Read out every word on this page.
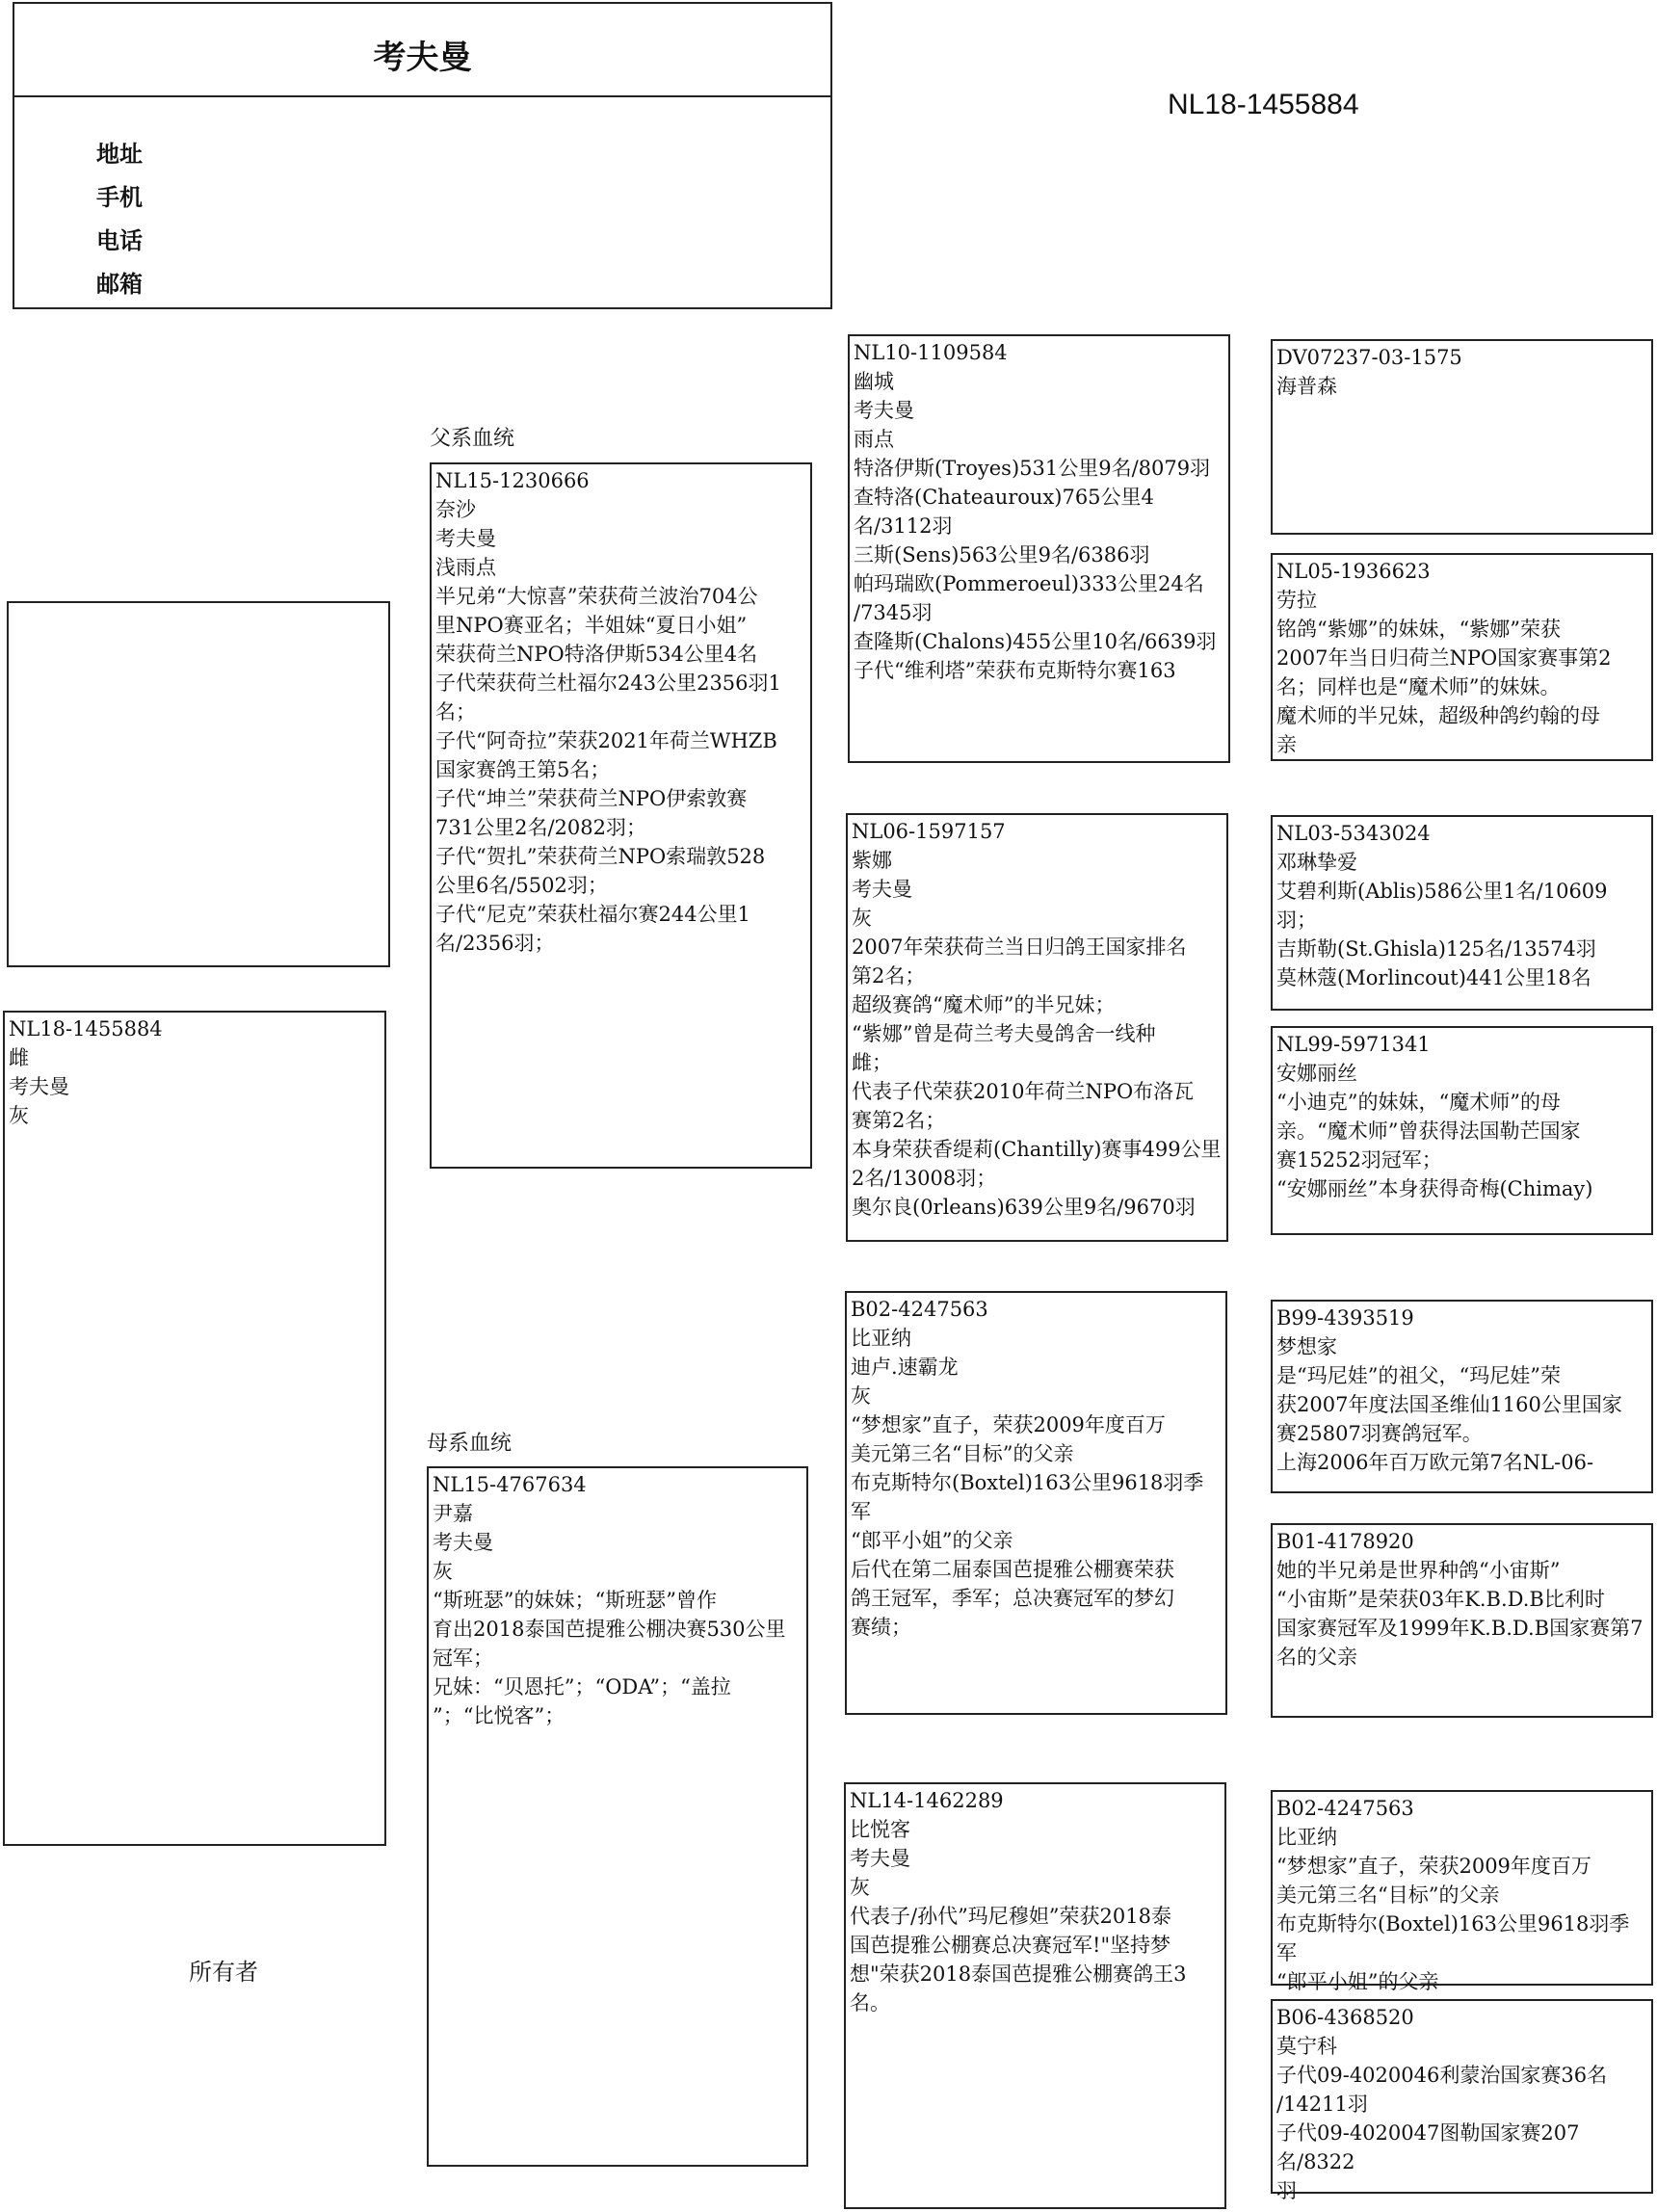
考夫曼
地址
手机
电话
邮箱
NL18-1455884
NL18-1455884
雌
考夫曼
灰
父系血统
母系血统
NL15-1230666
奈沙
考夫曼
浅雨点
半兄弟“大惊喜”荣获荷兰波治704公
里NPO赛亚名；半姐妹“夏日小姐”
荣获荷兰NPO特洛伊斯534公里4名
子代荣获荷兰杜福尔243公里2356羽1
名；
子代“阿奇拉”荣获2021年荷兰WHZB
国家赛鸽王第5名；
子代“坤兰”荣获荷兰NPO伊索敦赛
731公里2名/2082羽；
子代“贺扎”荣获荷兰NPO索瑞敦528
公里6名/5502羽；
子代“尼克”荣获杜福尔赛244公里1
名/2356羽；
NL15-4767634
尹嘉
考夫曼
灰
“斯班瑟”的妹妹；“斯班瑟”曾作
育出2018泰国芭提雅公棚决赛530公里
冠军；
兄妹：“贝恩托”；“ODA”；“盖拉
”；“比悦客”；
NL10-1109584
幽城
考夫曼
雨点
特洛伊斯(Troyes)531公里9名/8079羽
查特洛(Chateauroux)765公里4名/3112羽
三斯(Sens)563公里9名/6386羽
帕玛瑞欧(Pommeroeul)333公里24名
/7345羽
查隆斯(Chalons)455公里10名/6639羽
子代“维利塔”荣获布克斯特尔赛163
NL06-1597157
紫娜
考夫曼
灰
2007年荣获荷兰当日归鸽王国家排名
第2名；
超级赛鸽“魔术师”的半兄妹；
“紫娜”曾是荷兰考夫曼鸽舍一线种
雌；
代表子代荣获2010年荷兰NPO布洛瓦
赛第2名；
本身荣获香缇莉(Chantilly)赛事499公里
2名/13008羽；
奥尔良(0rleans)639公里9名/9670羽
B02-4247563
比亚纳
迪卢.速霸龙
灰
“梦想家”直子，荣获2009年度百万
美元第三名“目标”的父亲
布克斯特尔(Boxtel)163公里9618羽季军
“郎平小姐”的父亲
后代在第二届泰国芭提雅公棚赛荣获
鸽王冠军，季军；总决赛冠军的梦幻
赛绩；
NL14-1462289
比悦客
考夫曼
灰
代表子/孙代”玛尼穆妲”荣获2018泰
国芭提雅公棚赛总决赛冠军!"坚持梦
想"荣获2018泰国芭提雅公棚赛鸽王3
名。
DV07237-03-1575
海普森
NL05-1936623
劳拉
铭鸽“紫娜”的妹妹，“紫娜”荣获
2007年当日归荷兰NPO国家赛事第2
名；同样也是“魔术师”的妹妹。
魔术师的半兄妹，超级种鸽约翰的母
亲
NL03-5343024
邓琳挚爱
艾碧利斯(Ablis)586公里1名/10609羽；
吉斯勒(St.Ghisla)125名/13574羽
莫林蔻(Morlincout)441公里18名
NL99-5971341
安娜丽丝
“小迪克”的妹妹，“魔术师”的母
亲。“魔术师”曾获得法国勒芒国家
赛15252羽冠军；
“安娜丽丝”本身获得奇梅(Chimay)
B99-4393519
梦想家
是“玛尼娃”的祖父，“玛尼娃”荣
获2007年度法国圣维仙1160公里国家
赛25807羽赛鸽冠军。
上海2006年百万欧元第7名NL-06-
B01-4178920
她的半兄弟是世界种鸽“小宙斯”
“小宙斯”是荣获03年K.B.D.B比利时
国家赛冠军及1999年K.B.D.B国家赛第7
名的父亲
B02-4247563
比亚纳
“梦想家”直子，荣获2009年度百万
美元第三名“目标”的父亲
布克斯特尔(Boxtel)163公里9618羽季军
“郎平小姐”的父亲
B06-4368520
莫宁科
子代09-4020046利蒙治国家赛36名
/14211羽
子代09-4020047图勒国家赛207名/8322
羽
所有者
